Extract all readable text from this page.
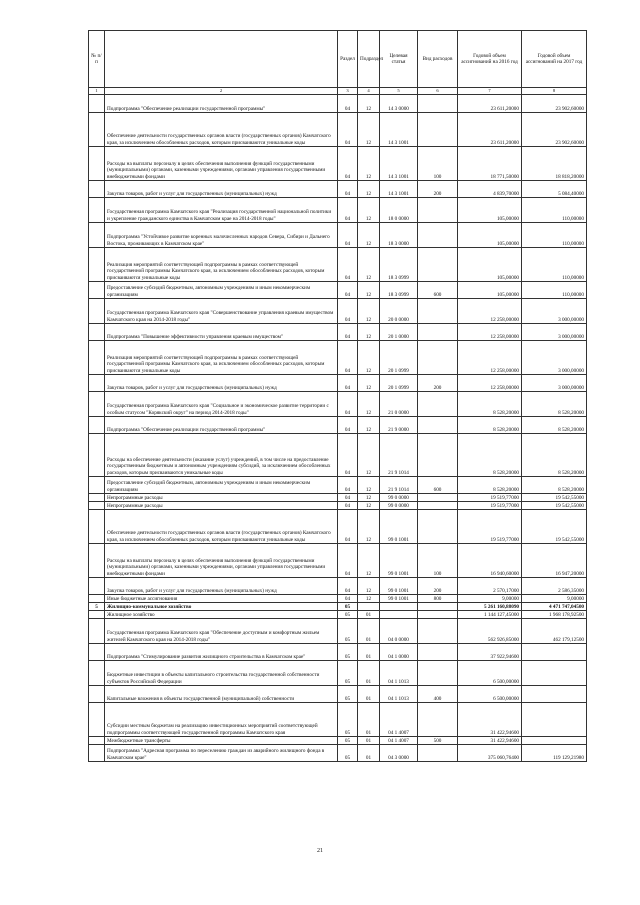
№ п/п		Раздел	Подраздел	Целевая статья	Вид расходов	Годовой объем ассигнований на 2016 год	Годовой объем ассигнований на 2017 год
1	2	3	4	5	6	7	8
	Подпрограмма "Обеспечение реализации государственной программы"	04	12	14 3 0000		23 611,20000	23 902,60000
	Обеспечение деятельности государственных органов власти (государственных органов) Камчатского края, за исключением обособленных расходов, которым присваиваются уникальные коды	04	12	14 3 1001		23 611,20000	23 902,60000
	Расходы на выплаты персоналу в целях обеспечения выполнения функций государственными (муниципальными) органами, казенными учреждениями, органами управления государственными внебюджетными фондами	04	12	14 3 1001	100	18 771,50000	18 818,20000
	Закупка товаров, работ и услуг для государственных (муниципальных) нужд	04	12	14 3 1001	200	4 839,70000	5 084,40000
	Государственная программа Камчатского края "Реализация государственной национальной политики и укрепление гражданского единства в Камчатском крае на 2014-2018 годы"	04	12	18 0 0000		105,00000	110,00000
	Подпрограмма "Устойчивое развитие коренных малочисленных народов Севера, Сибири и Дальнего Востока, проживающих в Камчатском крае"	04	12	18 3 0000		105,00000	110,00000
	Реализация мероприятий соответствующей подпрограммы в рамках соответствующей государственной программы Камчатского края, за исключением обособленных расходов, которым присваиваются уникальные коды	04	12	18 3 0999		105,00000	110,00000
	Предоставление субсидий бюджетным, автономным учреждениям и иным некоммерческим организациям	04	12	18 3 0999	600	105,00000	110,00000
	Государственная программа Камчатского края "Совершенствование управления краевым имуществом Камчатского края на 2014-2018 годы"	04	12	20 0 0000		12 258,00000	3 000,00000
	Подпрограмма "Повышение эффективности управления краевым имуществом"	04	12	20 1 0000		12 258,00000	3 000,00000
	Реализация мероприятий соответствующей подпрограммы в рамках соответствующей государственной программы Камчатского края, за исключением обособленных расходов, которым присваиваются уникальные коды	04	12	20 1 0999		12 258,00000	3 000,00000
	Закупка товаров, работ и услуг для государственных (муниципальных) нужд	04	12	20 1 0999	200	12 258,00000	3 000,00000
	Государственная программа Камчатского края "Социальное и экономическое развитие территории с особым статусом "Корякский округ" на период 2014-2018 годы"	04	12	21 0 0000		8 528,20000	8 528,20000
	Подпрограмма "Обеспечение реализации государственной программы"	04	12	21 9 0000		8 528,20000	8 528,20000
	Расходы на обеспечение деятельности (оказание услуг) учреждений, в том числе на предоставление государственным бюджетным и автономным учреждениям субсидий, за исключением обособленных расходов, которым присваиваются уникальные коды	04	12	21 9 1014		8 528,20000	8 528,20000
	Предоставление субсидий бюджетным, автономным учреждениям и иным некоммерческим организациям	04	12	21 9 1014	600	8 528,20000	8 528,20000
	Непрограммные расходы	04	12	99 0 0000		19 519,77000	19 542,55000
	Непрограммные расходы	04	12	99 0 0000		19 519,77000	19 542,55000
	Обеспечение деятельности государственных органов власти (государственных органов) Камчатского края, за исключением обособленных расходов, которым присваиваются уникальные коды	04	12	99 0 1001		19 519,77000	19 542,55000
	Расходы на выплаты персоналу в целях обеспечения выполнения функций государственными (муниципальными) органами, казенными учреждениями, органами управления государственными внебюджетными фондами	04	12	99 0 1001	100	16 940,60000	16 947,20000
	Закупка товаров, работ и услуг для государственных (муниципальных) нужд	04	12	99 0 1001	200	2 570,17000	2 586,35000
	Иные бюджетные ассигнования	04	12	99 0 1001	800	9,00000	9,00000
5	Жилищно-коммунальное хозяйство	05				5 261 160,88090	4 471 747,04500
	Жилищное хозяйство	05	01			1 144 127,45000	1 968 178,92500
	Государственная программа Камчатского края "Обеспечение доступным и комфортным жильем жителей Камчатского края на 2014-2018 годы"	05	01	04 0 0000		562 926,85000	462 179,12500
	Подпрограмма "Стимулирование развития жилищного строительства в Камчатском крае"	05	01	04 1 0000		37 922,94600	
	Бюджетные инвестиции в объекты капитального строительства государственной собственности субъектов Российской Федерации	05	01	04 1 1013		6 500,00000	
	Капитальные вложения в объекты государственной (муниципальной) собственности	05	01	04 1 1013	400	6 500,00000	
	Субсидии местным бюджетам на реализацию инвестиционных мероприятий соответствующей подпрограммы соответствующей государственной программы Камчатского края	05	01	04 1 4007		31 422,94600	
	Межбюджетные трансферты	05	01	04 1 4007	500	31 422,94600	
	Подпрограмма "Адресная программа по переселению граждан из аварийного жилищного фонда в Камчатском крае"	05	01	04 3 0000		375 060,76400	119 129,21980
21
